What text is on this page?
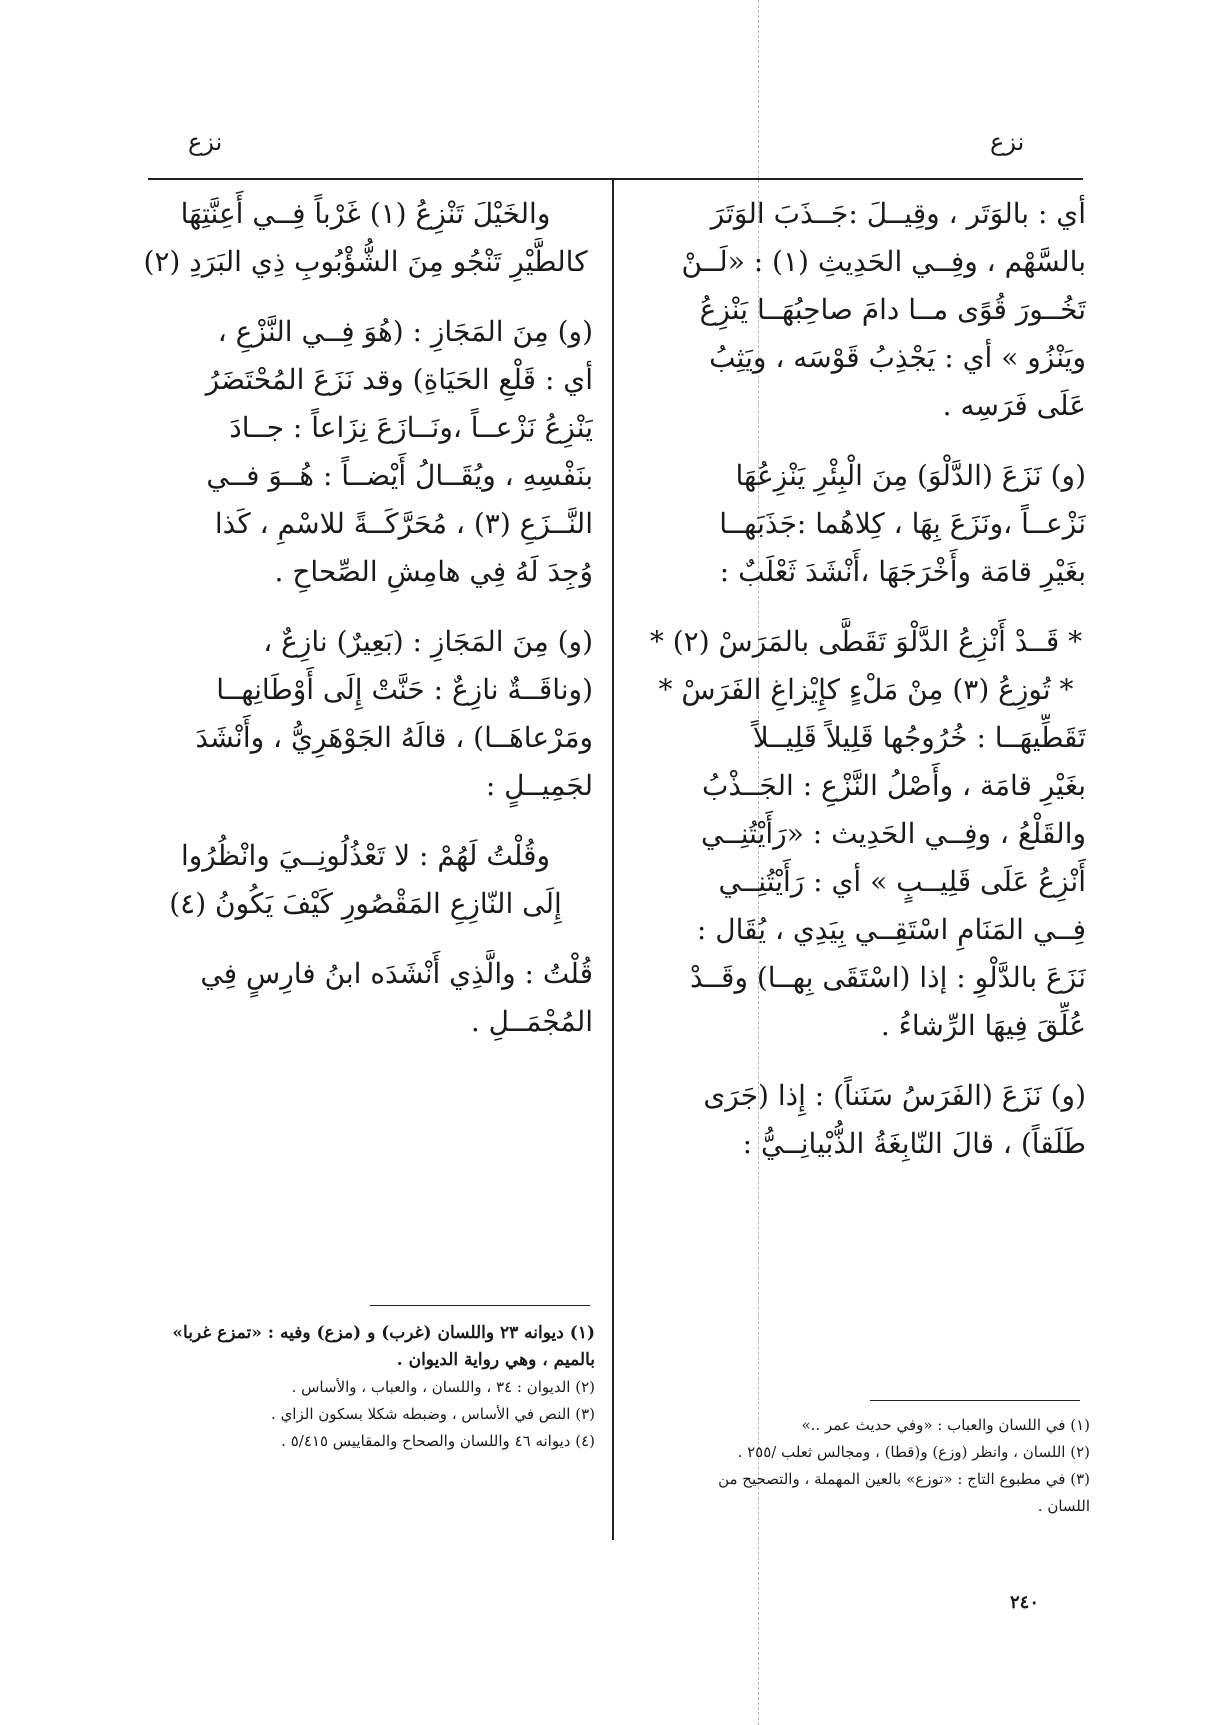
نزع
نزع
أي : بالوَتَر ، وقِيــلَ :جَــذَبَ الوَتَرَ
بالسَّهْم ، وفِــي الحَدِيثِ (١) : «لَــنْ
تَخُــورَ قُوًى مــا دامَ صاحِبُهَــا يَنْزِعُ
ويَنْزُو » أي : يَجْذِبُ قَوْسَه ، ويَثِبُ
عَلَى فَرَسِه .
(و) نَزَعَ (الدَّلْوَ) مِنَ الْبِئْرِ يَنْزِعُهَا
نَزْعــاً ،ونَزَعَ بِهَا ، كِلاهُما :جَذَبَهــا
بغَيْرِ قامَة وأَخْرَجَهَا ،أَنْشَدَ ثَعْلَبٌ :
* قَــدْ أَنْزِعُ الدَّلْوَ تَقَطَّى بالمَرَسْ (٢) *
* تُوزِعُ (٣) مِنْ مَلْءٍ كإِيْزاغِ الفَرَسْ *
تَقَطِّيهَــا : خُرُوجُها قَلِيلاً قَلِيــلاً
بغَيْرِ قامَة ، وأَصْلُ النَّزْعِ : الجَــذْبُ
والقَلْعُ ، وفِــي الحَدِيث : «رَأَيْتُنِــي
أَنْزِعُ عَلَى قَلِيــبٍ » أي : رَأَيْتُنِــي
فِــي المَنَامِ اسْتَقِــي بِيَدِي ، يُقَال :
نَزَعَ بالدَّلْوِ : إذا (اسْتَقَى بِهــا) وقَــدْ
عُلِّقَ فِيهَا الرِّشاءُ .
(و) نَزَعَ (الفَرَسُ سَنَناً) : إِذا (جَرَى
طَلَقاً) ، قالَ النّابِغَةُ الذُّبْيانِــيُّ :
والخَيْلَ تَنْزِعُ (١) غَرْباً فِــي أَعِنَّتِهَا
كالطَّيْرِ تَنْجُو مِنَ الشُّؤْبُوبِ ذِي البَرَدِ (٢)
(و) مِنَ المَجَازِ : (هُوَ فِــي النَّزْعِ ،
أي : قَلْعِ الحَيَاةِ) وقد نَزَعَ المُحْتَضَرُ
يَنْزِعُ نَزْعــاً ،ونَــازَعَ نِزَاعاً : جــادَ
بنَفْسِهِ ، ويُقَــالُ أَيْضــاً : هُــوَ فــي
النَّــزَعِ (٣) ، مُحَرَّكَــةً للاسْمِ ، كَذا
وُجِدَ لَهُ فِي هامِشِ الصِّحاحِ .
(و) مِنَ المَجَازِ : (بَعِيرٌ) نازِعٌ ،
(وناقَــةٌ نازِعٌ : حَنَّتْ إِلَى أَوْطَانِهــا
ومَرْعاهَــا) ، قالَهُ الجَوْهَرِيُّ ، وأَنْشَدَ
لجَمِيــلٍ :
وقُلْتُ لَهُمْ : لا تَعْذُلُونِــيَ وانْظُرُوا
إِلَى النّازِعِ المَقْصُورِ كَيْفَ يَكُونُ (٤)
قُلْتُ : والَّذِي أَنْشَدَه ابنُ فارِسٍ فِي
المُجْمَــلِ .
(١) في اللسان والعباب : «وفي حديث عمر ..»
(٢) اللسان ، وانظر (وزع) و(قطا) ، ومجالس ثعلب /٢٥٥ .
(٣) في مطبوع التاج : «توزع» بالعين المهملة ، والتصحيح من
اللسان .
(١) ديوانه ٢٣ واللسان (غرب) و (مزع) وفيه : «تمزع غربا» بالميم ، وهي رواية الديوان .
(٢) الديوان : ٣٤ ، واللسان ، والعباب ، والأساس .
(٣) النص في الأساس ، وضبطه شكلا بسكون الزاي .
(٤) ديوانه ٤٦ واللسان والصحاح والمقاييس ٥/٤١٥ .
٢٤٠
